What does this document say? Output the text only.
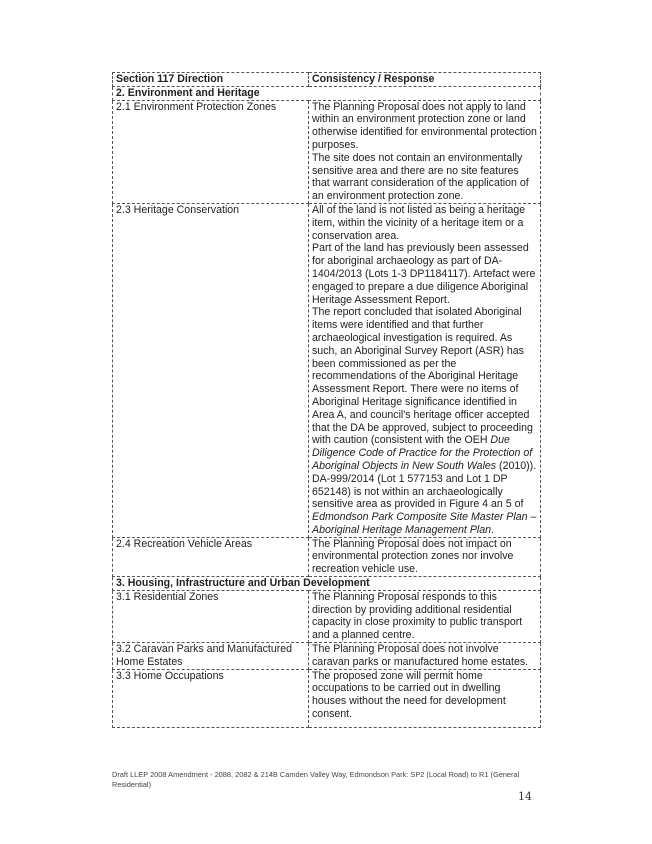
Section 117 Direction	Consistency / Response
2. Environment and Heritage	
2.1 Environment Protection Zones	The Planning Proposal does not apply to land within an environment protection zone or land otherwise identified for environmental protection purposes.

The site does not contain an environmentally sensitive area and there are no site features that warrant consideration of the application of an environment protection zone.

2.3 Heritage Conservation	All of the land is not listed as being a heritage item, within the vicinity of a heritage item or a conservation area.

Part of the land has previously been assessed for aboriginal archaeology as part of DA-1404/2013 (Lots 1-3 DP1184117). Artefact were engaged to prepare a due diligence Aboriginal Heritage Assessment Report.

The report concluded that isolated Aboriginal items were identified and that further archaeological investigation is required. As such, an Aboriginal Survey Report (ASR) has been commissioned as per the recommendations of the Aboriginal Heritage Assessment Report. There were no items of Aboriginal Heritage significance identified in Area A, and council's heritage officer accepted that the DA be approved, subject to proceeding with caution (consistent with the OEH Due Diligence Code of Practice for the Protection of Aboriginal Objects in New South Wales (2010)). DA-999/2014 (Lot 1 577153 and Lot 1 DP 652148) is not within an archaeologically sensitive area as provided in Figure 4 an 5 of Edmondson Park Composite Site Master Plan – Aboriginal Heritage Management Plan.

2.4 Recreation Vehicle Areas	The Planning Proposal does not impact on environmental protection zones nor involve recreation vehicle use.
3. Housing, Infrastructure and Urban Development	
3.1 Residential Zones	The Planning Proposal responds to this direction by providing additional residential capacity in close proximity to public transport and a planned centre.
3.2 Caravan Parks and Manufactured Home Estates	The Planning Proposal does not involve caravan parks or manufactured home estates.
3.3 Home Occupations	The proposed zone will permit home occupations to be carried out in dwelling houses without the need for development consent.
Draft LLEP 2008 Amendment - 2088, 2082 & 214B Camden Valley Way, Edmondson Park: SP2 (Local Road) to R1 (General Residential)
14
